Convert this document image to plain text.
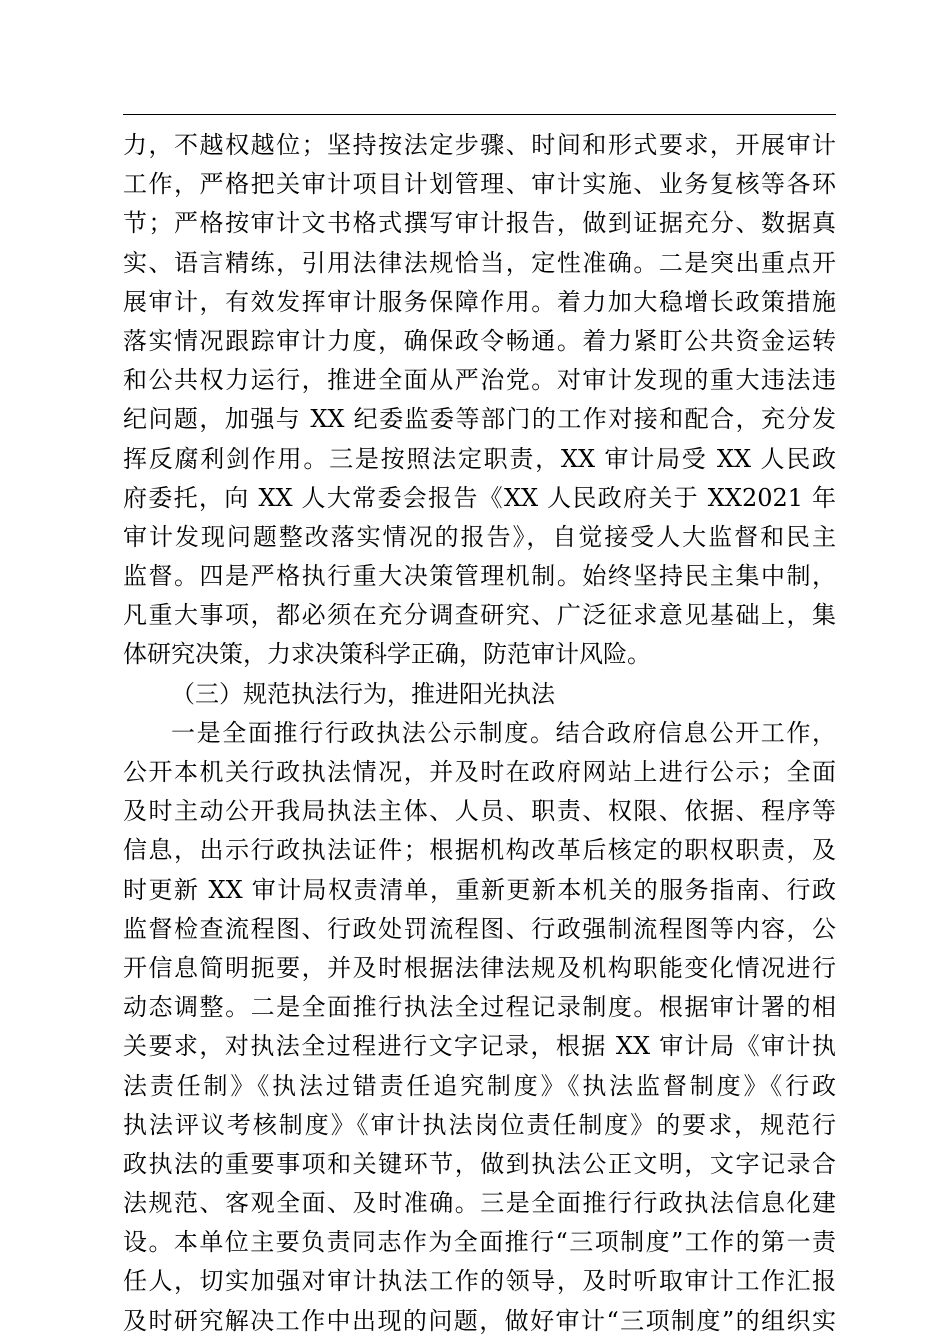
力，不越权越位；坚持按法定步骤、时间和形式要求，开展审计
工作，严格把关审计项目计划管理、审计实施、业务复核等各环
节；严格按审计文书格式撰写审计报告，做到证据充分、数据真
实、语言精练，引用法律法规恰当，定性准确。二是突出重点开
展审计，有效发挥审计服务保障作用。着力加大稳增长政策措施
落实情况跟踪审计力度，确保政令畅通。着力紧盯公共资金运转
和公共权力运行，推进全面从严治党。对审计发现的重大违法违
纪问题，加强与 XX 纪委监委等部门的工作对接和配合，充分发
挥反腐利剑作用。三是按照法定职责，XX 审计局受 XX 人民政
府委托，向 XX 人大常委会报告《XX 人民政府关于 XX2021 年
审计发现问题整改落实情况的报告》，自觉接受人大监督和民主
监督。四是严格执行重大决策管理机制。始终坚持民主集中制，
凡重大事项，都必须在充分调查研究、广泛征求意见基础上，集
体研究决策，力求决策科学正确，防范审计风险。
（三）规范执法行为，推进阳光执法
一是全面推行行政执法公示制度。结合政府信息公开工作，
公开本机关行政执法情况，并及时在政府网站上进行公示；全面
及时主动公开我局执法主体、人员、职责、权限、依据、程序等
信息，出示行政执法证件；根据机构改革后核定的职权职责，及
时更新 XX 审计局权责清单，重新更新本机关的服务指南、行政
监督检查流程图、行政处罚流程图、行政强制流程图等内容，公
开信息简明扼要，并及时根据法律法规及机构职能变化情况进行
动态调整。二是全面推行执法全过程记录制度。根据审计署的相
关要求，对执法全过程进行文字记录，根据 XX 审计局《审计执
法责任制》《执法过错责任追究制度》《执法监督制度》《行政
执法评议考核制度》《审计执法岗位责任制度》的要求，规范行
政执法的重要事项和关键环节，做到执法公正文明，文字记录合
法规范、客观全面、及时准确。三是全面推行行政执法信息化建
设。本单位主要负责同志作为全面推行“三项制度”工作的第一责
任人，切实加强对审计执法工作的领导，及时听取审计工作汇报
及时研究解决工作中出现的问题，做好审计“三项制度”的组织实
